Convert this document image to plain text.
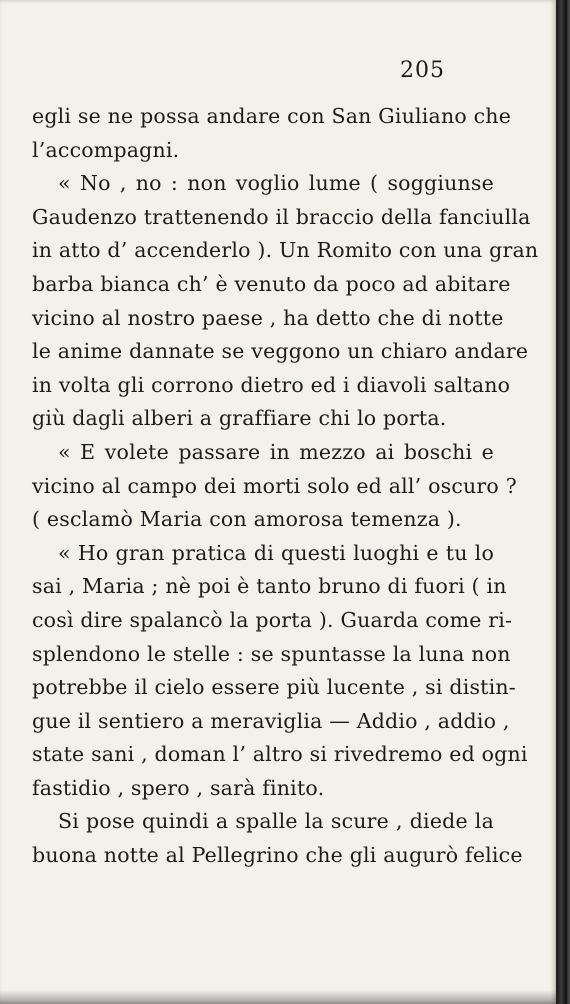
205
egli se ne possa andare con San Giuliano che
l’accompagni.
« No , no : non voglio lume ( soggiunse
Gaudenzo trattenendo il braccio della fanciulla
in atto d’ accenderlo ). Un Romito con una gran
barba bianca ch’ è venuto da poco ad abitare
vicino al nostro paese , ha detto che di notte
le anime dannate se veggono un chiaro andare
in volta gli corrono dietro ed i diavoli saltano
giù dagli alberi a graffiare chi lo porta.
« E volete passare in mezzo ai boschi e
vicino al campo dei morti solo ed all’ oscuro ?
( esclamò Maria con amorosa temenza ).
« Ho gran pratica di questi luoghi e tu lo
sai , Maria ; nè poi è tanto bruno di fuori ( in
così dire spalancò la porta ). Guarda come ri-
splendono le stelle : se spuntasse la luna non
potrebbe il cielo essere più lucente , si distin-
gue il sentiero a meraviglia — Addio , addio ,
state sani , doman l’ altro si rivedremo ed ogni
fastidio , spero , sarà finito.
Si pose quindi a spalle la scure , diede la
buona notte al Pellegrino che gli augurò felice
